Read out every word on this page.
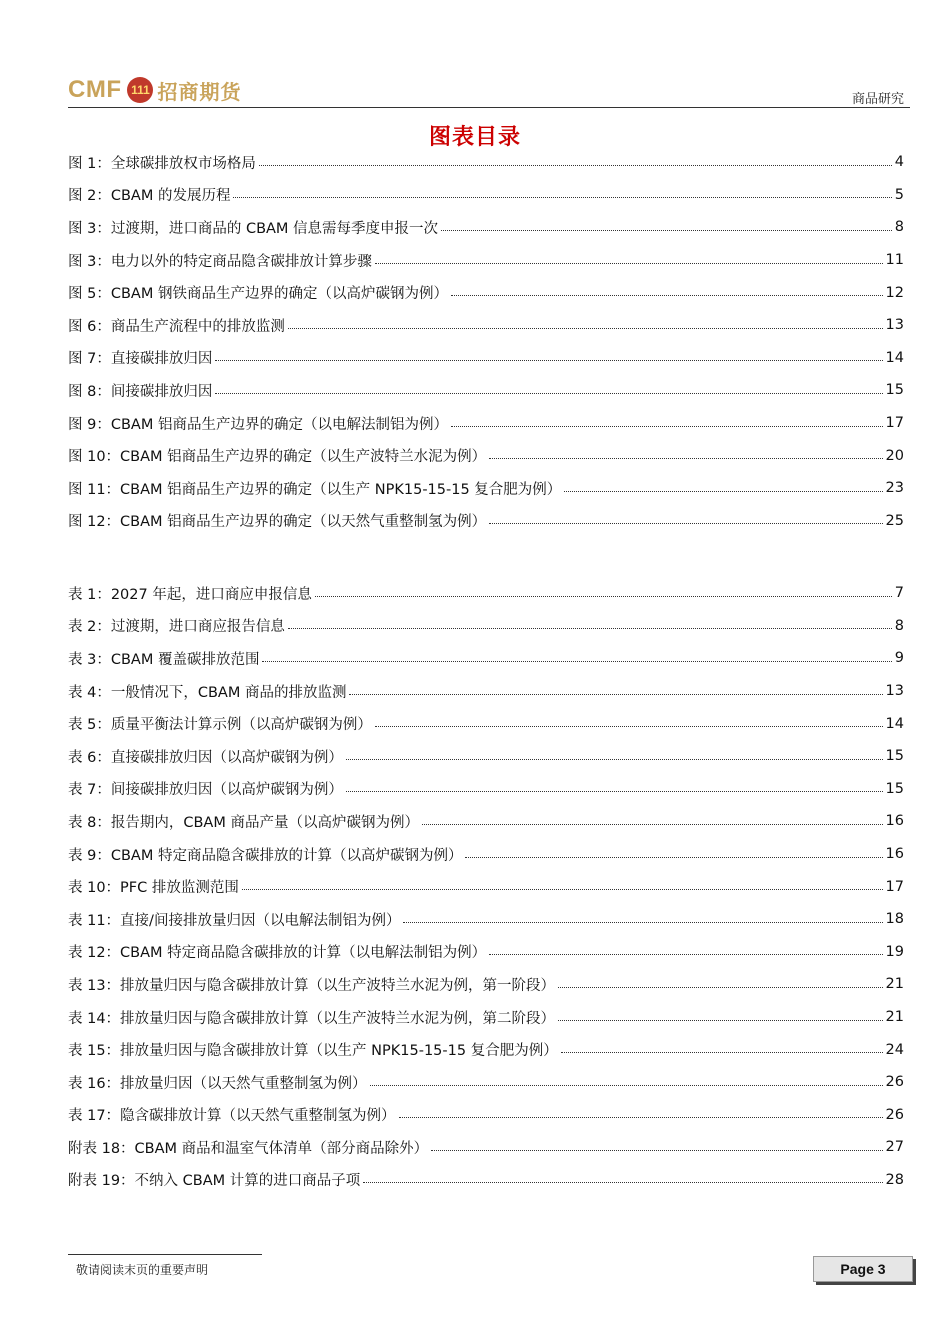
CMF 111 招商期货	商品研究
图表目录
图 1：全球碳排放权市场格局	4
图 2：CBAM 的发展历程	5
图 3：过渡期，进口商品的 CBAM 信息需每季度申报一次	8
图 3：电力以外的特定商品隐含碳排放计算步骤	11
图 5：CBAM 钢铁商品生产边界的确定（以高炉碳钢为例）	12
图 6：商品生产流程中的排放监测	13
图 7：直接碳排放归因	14
图 8：间接碳排放归因	15
图 9：CBAM 铝商品生产边界的确定（以电解法制铝为例）	17
图 10：CBAM 铝商品生产边界的确定（以生产波特兰水泥为例）	20
图 11：CBAM 铝商品生产边界的确定（以生产 NPK15-15-15 复合肥为例）	23
图 12：CBAM 铝商品生产边界的确定（以天然气重整制氢为例）	25
表 1：2027 年起，进口商应申报信息	7
表 2：过渡期，进口商应报告信息	8
表 3：CBAM 覆盖碳排放范围	9
表 4：一般情况下，CBAM 商品的排放监测	13
表 5：质量平衡法计算示例（以高炉碳钢为例）	14
表 6：直接碳排放归因（以高炉碳钢为例）	15
表 7：间接碳排放归因（以高炉碳钢为例）	15
表 8：报告期内，CBAM 商品产量（以高炉碳钢为例）	16
表 9：CBAM 特定商品隐含碳排放的计算（以高炉碳钢为例）	16
表 10：PFC 排放监测范围	17
表 11：直接/间接排放量归因（以电解法制铝为例）	18
表 12：CBAM 特定商品隐含碳排放的计算（以电解法制铝为例）	19
表 13：排放量归因与隐含碳排放计算（以生产波特兰水泥为例，第一阶段）	21
表 14：排放量归因与隐含碳排放计算（以生产波特兰水泥为例，第二阶段）	21
表 15：排放量归因与隐含碳排放计算（以生产 NPK15-15-15 复合肥为例）	24
表 16：排放量归因（以天然气重整制氢为例）	26
表 17：隐含碳排放计算（以天然气重整制氢为例）	26
附表 18：CBAM 商品和温室气体清单（部分商品除外）	27
附表 19：不纳入 CBAM 计算的进口商品子项	28
敬请阅读末页的重要声明	Page 3
